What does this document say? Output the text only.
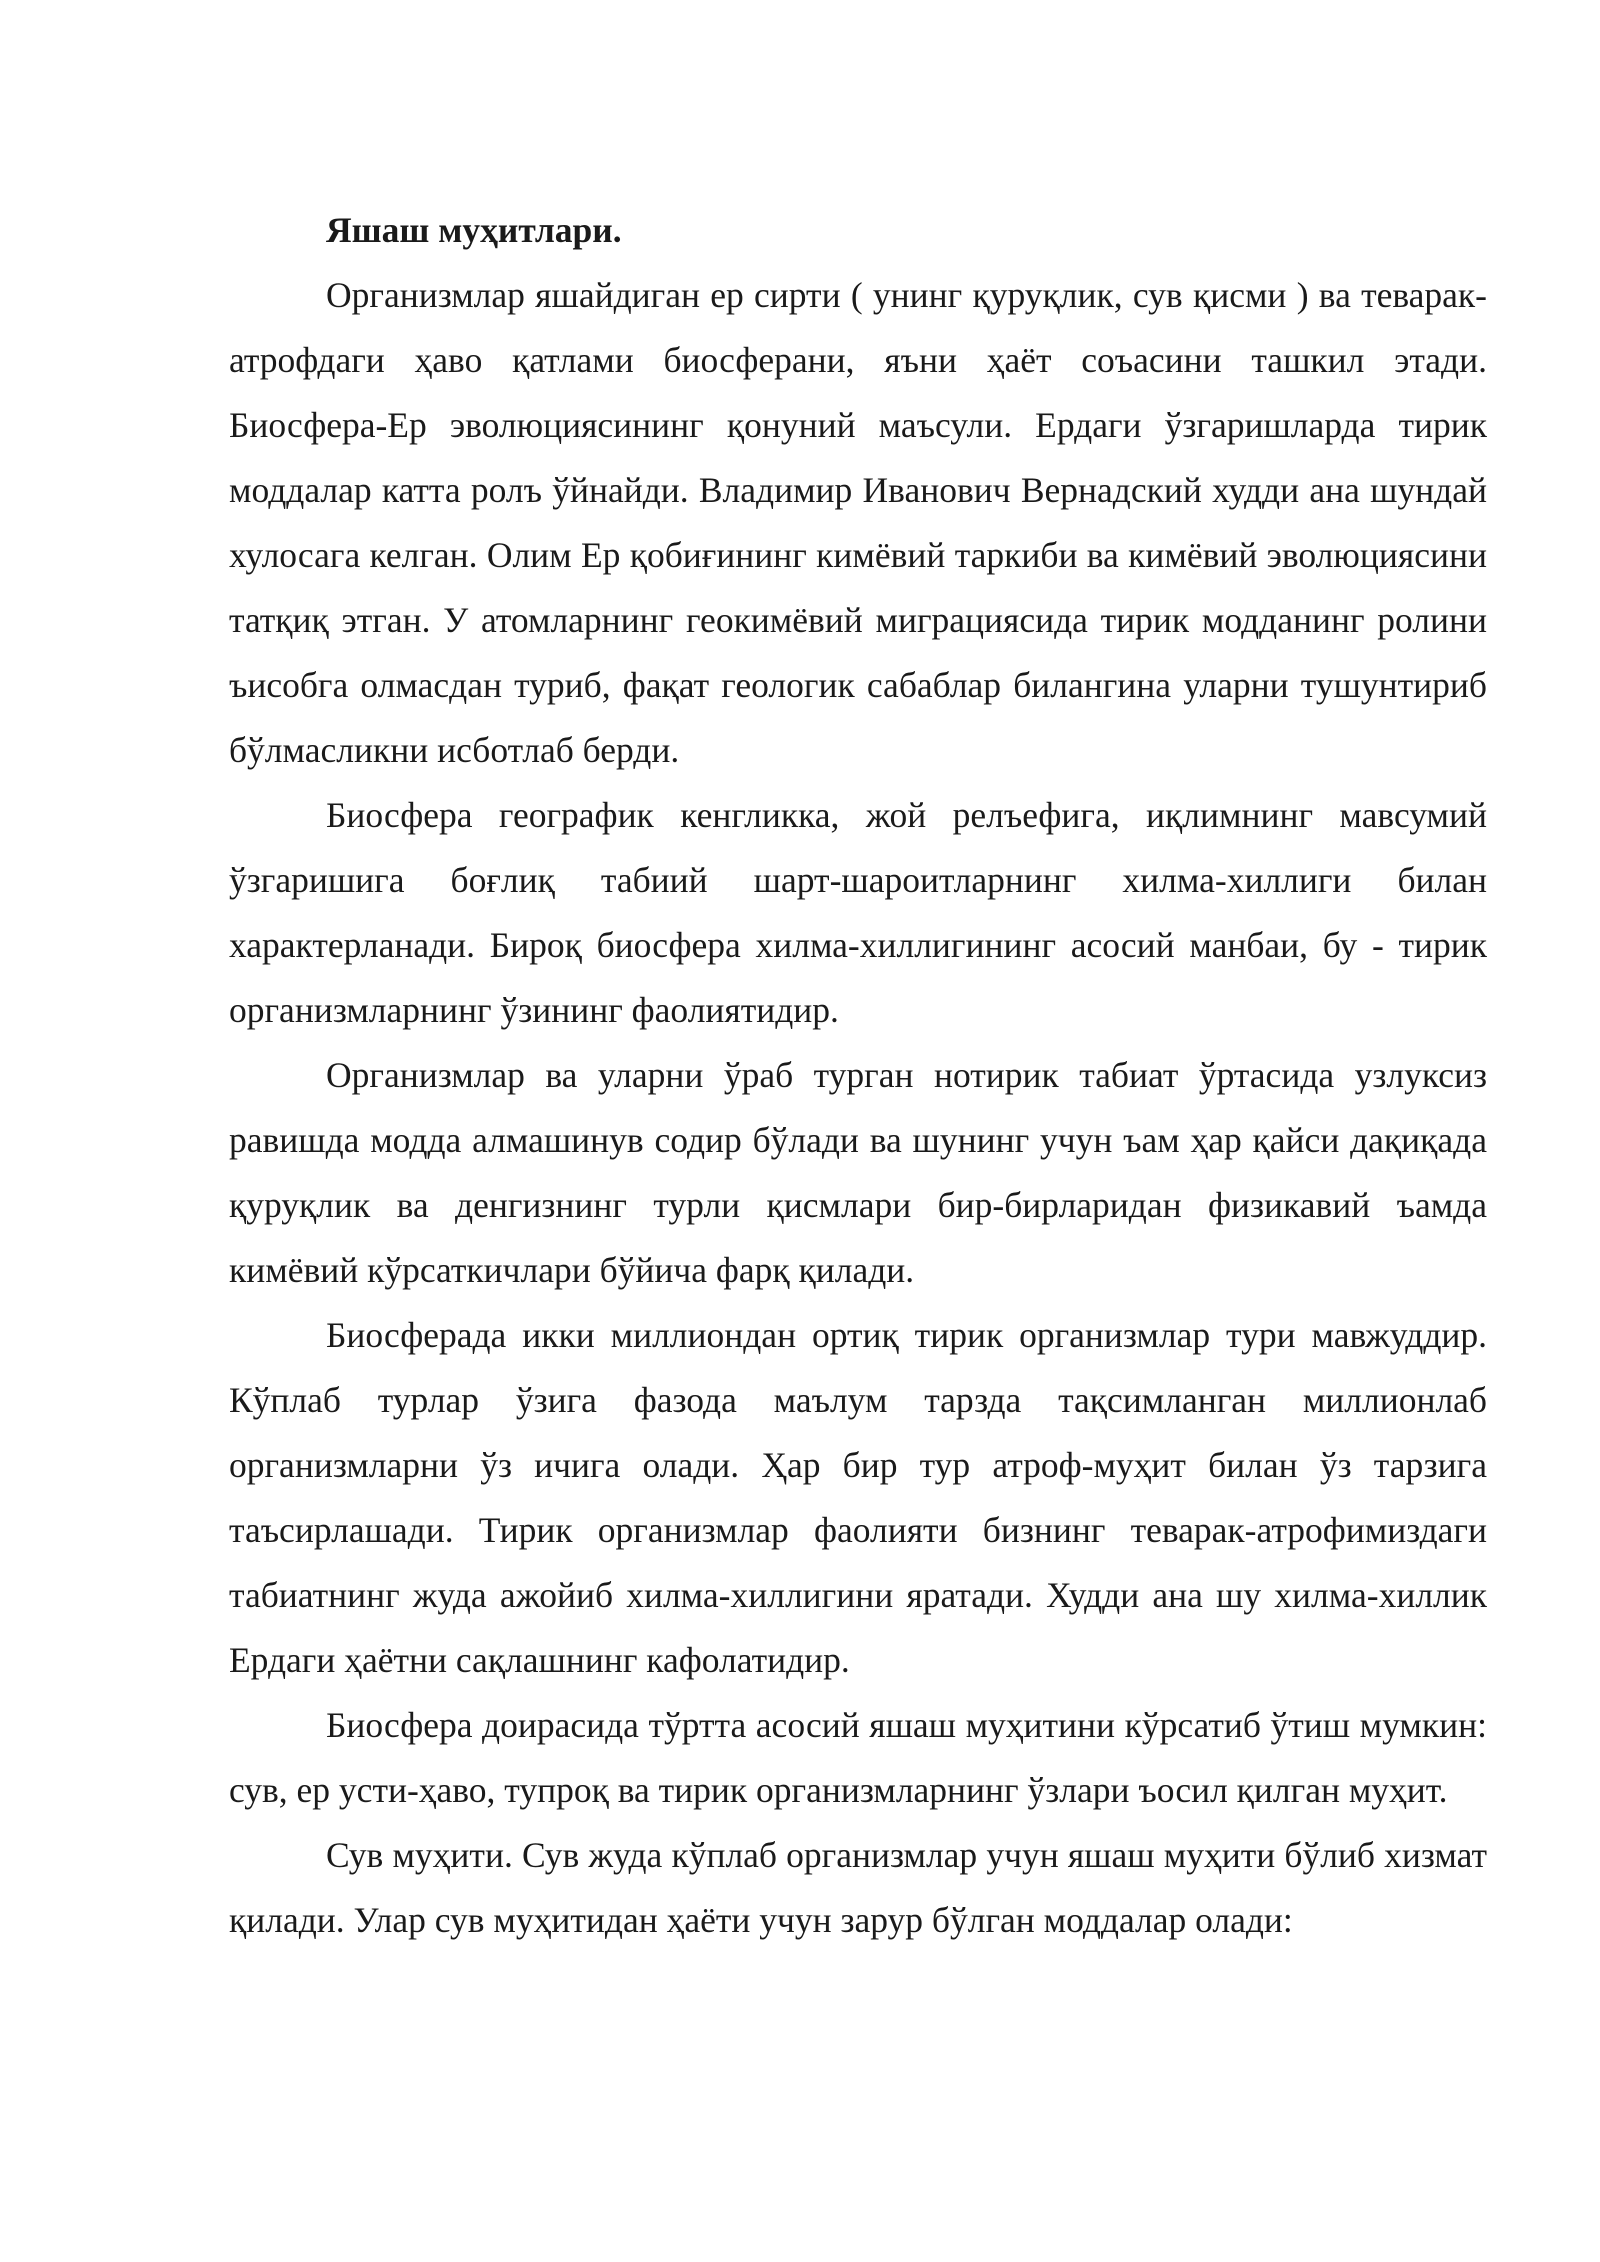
Яшаш муҳитлари.

Организмлар яшайдиган ер сирти ( унинг қуруқлик, сув қисми ) ва теварак-атрофдаги ҳаво қатлами биосферани, яъни ҳаёт соъасини ташкил этади. Биосфера-Ер эволюциясининг қонуний маъсули. Ердаги ўзгаришларда тирик моддалар катта ролъ ўйнайди. Владимир Иванович Вернадский худди ана шундай хулосага келган. Олим Ер қобиғининг кимёвий таркиби ва кимёвий эволюциясини татқиқ этган. У атомларнинг геокимёвий миграциясида тирик модданинг ролини ъисобга олмасдан туриб, фақат геологик сабаблар билангина уларни тушунтириб бўлмасликни исботлаб берди.

Биосфера географик кенгликка, жой релъефига, иқлимнинг мавсумий ўзгаришига боғлиқ табиий шарт-шароитларнинг хилма-хиллиги билан характерланади. Бироқ биосфера хилма-хиллигининг асосий манбаи, бу - тирик организмларнинг ўзининг фаолиятидир.

Организмлар ва уларни ўраб турган нотирик табиат ўртасида узлуксиз равишда модда алмашинув содир бўлади ва шунинг учун ъам ҳар қайси дақиқада қуруқлик ва денгизнинг турли қисмлари бир-бирларидан физикавий ъамда кимёвий кўрсаткичлари бўйича фарқ қилади.

Биосферада икки миллиондан ортиқ тирик организмлар тури мавжуддир. Кўплаб турлар ўзига фазода маълум тарзда тақсимланган миллионлаб организмларни ўз ичига олади. Ҳар бир тур атроф-муҳит билан ўз тарзига таъсирлашади. Тирик организмлар фаолияти бизнинг теварак-атрофимиздаги табиатнинг жуда ажойиб хилма-хиллигини яратади. Худди ана шу хилма-хиллик Ердаги ҳаётни сақлашнинг кафолатидир.

Биосфера доирасида тўртта асосий яшаш муҳитини кўрсатиб ўтиш мумкин: сув, ер усти-ҳаво, тупроқ ва тирик организмларнинг ўзлари ъосил қилган муҳит.

Сув муҳити. Сув жуда кўплаб организмлар учун яшаш муҳити бўлиб хизмат қилади. Улар сув муҳитидан ҳаёти учун зарур бўлган моддалар олади:
